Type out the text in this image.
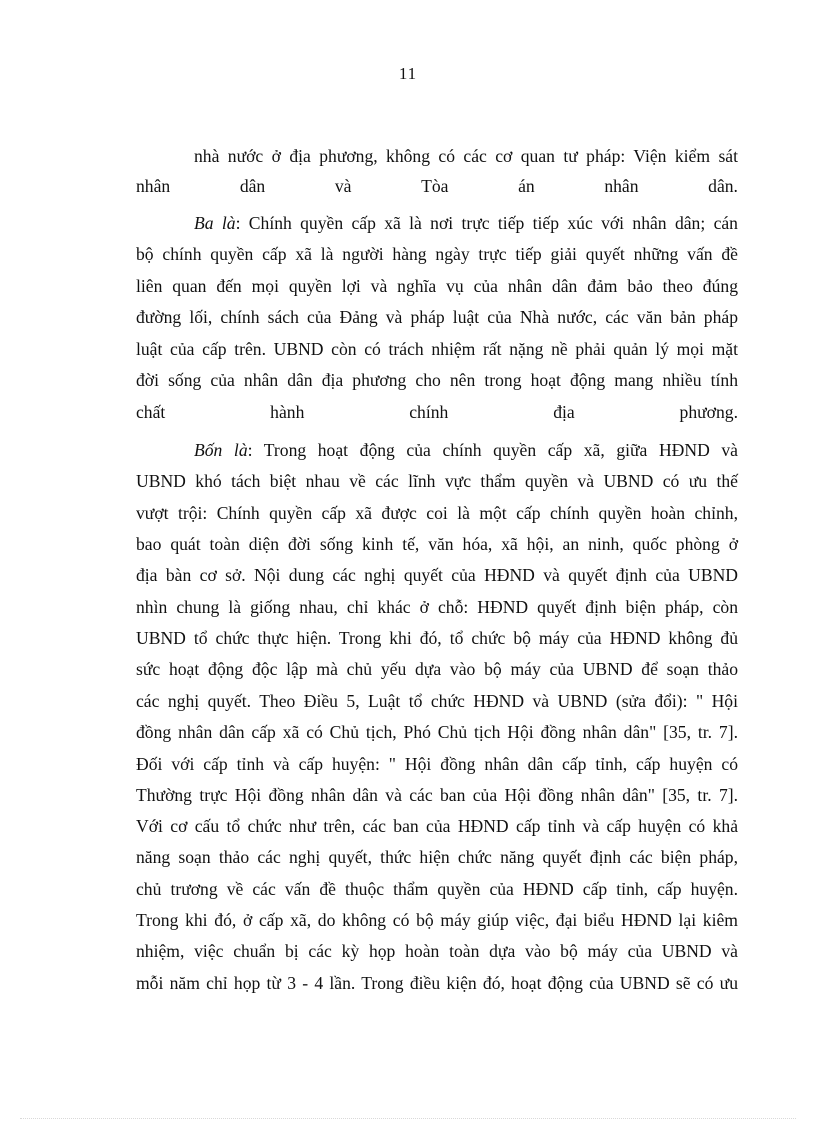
11
nhà nước ở địa phương, không có các cơ quan tư pháp: Viện kiểm sát
nhân	dân	và	Tòa	án	nhân	dân.
Ba là: Chính quyền cấp xã là nơi trực tiếp tiếp xúc với nhân dân; cán
bộ chính quyền cấp xã là người hàng ngày trực tiếp giải quyết những vấn đề
liên quan đến mọi quyền lợi và nghĩa vụ của nhân dân đảm bảo theo đúng
đường lối, chính sách của Đảng và pháp luật của Nhà nước, các văn bản pháp
luật của cấp trên. UBND còn có trách nhiệm rất nặng nề phải quản lý mọi mặt
đời sống của nhân dân địa phương cho nên trong hoạt động mang nhiều tính
chất	hành	chính	địa	phương.
Bốn là: Trong hoạt động của chính quyền cấp xã, giữa HĐND và
UBND khó tách biệt nhau về các lĩnh vực thẩm quyền và UBND có ưu thế
vượt trội: Chính quyền cấp xã được coi là một cấp chính quyền hoàn chỉnh,
bao quát toàn diện đời sống kinh tế, văn hóa, xã hội, an ninh, quốc phòng ở
địa bàn cơ sở. Nội dung các nghị quyết của HĐND và quyết định của UBND
nhìn chung là giống nhau, chỉ khác ở chỗ: HĐND quyết định biện pháp, còn
UBND tổ chức thực hiện. Trong khi đó, tổ chức bộ máy của HĐND không đủ
sức hoạt động độc lập mà chủ yếu dựa vào bộ máy của UBND để soạn thảo
các nghị quyết. Theo Điều 5, Luật tổ chức HĐND và UBND (sửa đổi): " Hội
đồng nhân dân cấp xã có Chủ tịch, Phó Chủ tịch Hội đồng nhân dân" [35, tr. 7].
Đối với cấp tỉnh và cấp huyện: " Hội đồng nhân dân cấp tỉnh, cấp huyện có
Thường trực Hội đồng nhân dân và các ban của Hội đồng nhân dân" [35, tr. 7].
Với cơ cấu tổ chức như trên, các ban của HĐND cấp tỉnh và cấp huyện có khả
năng soạn thảo các nghị quyết, thức hiện chức năng quyết định các biện pháp,
chủ trương về các vấn đề thuộc thẩm quyền của HĐND cấp tỉnh, cấp huyện.
Trong khi đó, ở cấp xã, do không có bộ máy giúp việc, đại biểu HĐND lại kiêm
nhiệm, việc chuẩn bị các kỳ họp hoàn toàn dựa vào bộ máy của UBND và
mỗi năm chỉ họp từ 3 - 4 lần. Trong điều kiện đó, hoạt động của UBND sẽ có ưu
